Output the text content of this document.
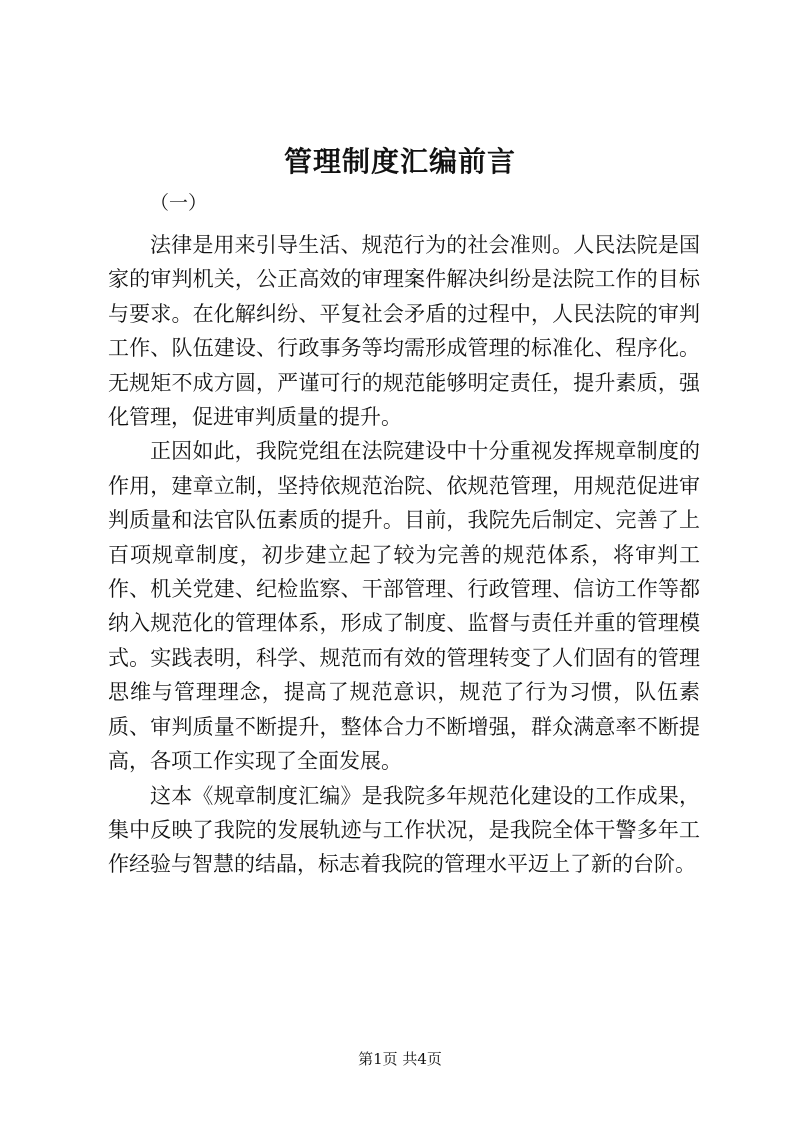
管理制度汇编前言
（一）

法律是用来引导生活、规范行为的社会准则。人民法院是国家的审判机关，公正高效的审理案件解决纠纷是法院工作的目标与要求。在化解纠纷、平复社会矛盾的过程中，人民法院的审判工作、队伍建设、行政事务等均需形成管理的标准化、程序化。无规矩不成方圆，严谨可行的规范能够明定责任，提升素质，强化管理，促进审判质量的提升。

正因如此，我院党组在法院建设中十分重视发挥规章制度的作用，建章立制，坚持依规范治院、依规范管理，用规范促进审判质量和法官队伍素质的提升。目前，我院先后制定、完善了上百项规章制度，初步建立起了较为完善的规范体系，将审判工作、机关党建、纪检监察、干部管理、行政管理、信访工作等都纳入规范化的管理体系，形成了制度、监督与责任并重的管理模式。实践表明，科学、规范而有效的管理转变了人们固有的管理思维与管理理念，提高了规范意识，规范了行为习惯，队伍素质、审判质量不断提升，整体合力不断增强，群众满意率不断提高，各项工作实现了全面发展。

这本《规章制度汇编》是我院多年规范化建设的工作成果，集中反映了我院的发展轨迹与工作状况，是我院全体干警多年工作经验与智慧的结晶，标志着我院的管理水平迈上了新的台阶。

第1页 共4页
